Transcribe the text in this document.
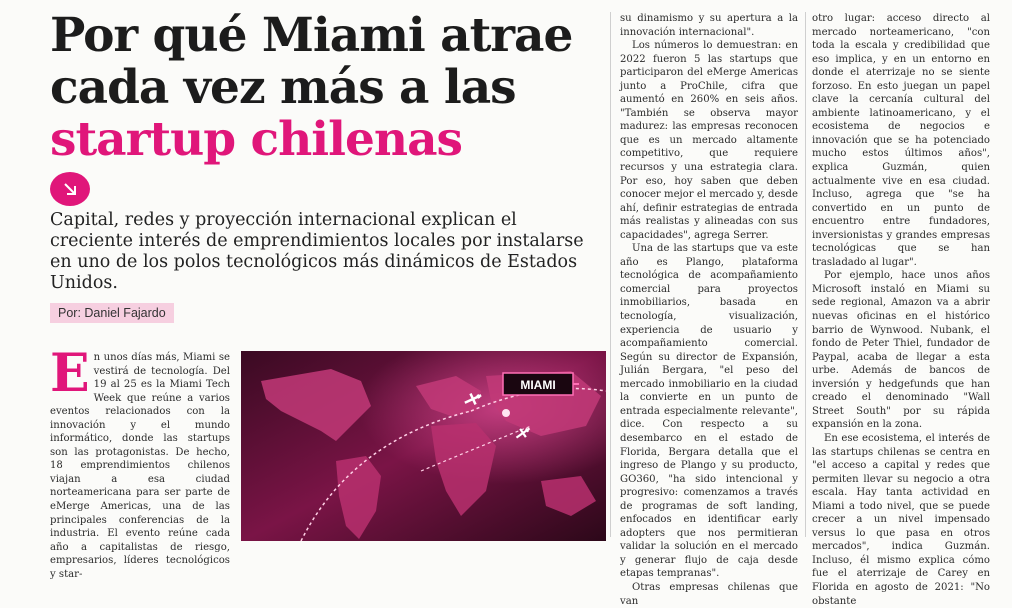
Por qué Miami atrae
cada vez más a las
startup chilenas

Capital, redes y proyección internacional explican el creciente interés de emprendimientos locales por instalarse en uno de los polos tecnológicos más dinámicos de Estados Unidos.

Por: Daniel Fajardo
E n unos días más, Miami se vestirá de tecnología. Del 19 al 25 es la Miami Tech Week que reúne a varios eventos relacionados con la innovación y el mundo informático, donde las startups son las protagonistas. De hecho, 18 emprendimientos chilenos viajan a esa ciudad norteamericana para ser parte de eMerge Americas, una de las principales conferencias de la industria. El evento reúne cada año a capitalistas de riesgo, empresarios, líderes tecnológicos y star-

MIAMI

su dinamismo y su apertura a la innovación internacional".

Los números lo demuestran: en 2022 fueron 5 las startups que participaron del eMerge Americas junto a ProChile, cifra que aumentó en 260% en seis años. "También se observa mayor madurez: las empresas reconocen que es un mercado altamente competitivo, que requiere recursos y una estrategia clara. Por eso, hoy saben que deben conocer mejor el mercado y, desde ahí, definir estrategias de entrada más realistas y alineadas con sus capacidades", agrega Serrer.

Una de las startups que va este año es Plango, plataforma tecnológica de acompañamiento comercial para proyectos inmobiliarios, basada en tecnología, visualización, experiencia de usuario y acompañamiento comercial. Según su director de Expansión, Julián Bergara, "el peso del mercado inmobiliario en la ciudad la convierte en un punto de entrada especialmente relevante", dice. Con respecto a su desembarco en el estado de Florida, Bergara detalla que el ingreso de Plango y su producto, GO360, "ha sido intencional y progresivo: comenzamos a través de programas de soft landing, enfocados en identificar early adopters que nos permitieran validar la solución en el mercado y generar flujo de caja desde etapas tempranas".

Otras empresas chilenas que van

otro lugar: acceso directo al mercado norteamericano, "con toda la escala y credibilidad que eso implica, y en un entorno en donde el aterrizaje no se siente forzoso. En esto juegan un papel clave la cercanía cultural del ambiente latinoamericano, y el ecosistema de negocios e innovación que se ha potenciado mucho estos últimos años", explica Guzmán, quien actualmente vive en esa ciudad. Incluso, agrega que "se ha convertido en un punto de encuentro entre fundadores, inversionistas y grandes empresas tecnológicas que se han trasladado al lugar".

Por ejemplo, hace unos años Microsoft instaló en Miami su sede regional, Amazon va a abrir nuevas oficinas en el histórico barrio de Wynwood. Nubank, el fondo de Peter Thiel, fundador de Paypal, acaba de llegar a esta urbe. Además de bancos de inversión y hedgefunds que han creado el denominado "Wall Street South" por su rápida expansión en la zona.

En ese ecosistema, el interés de las startups chilenas se centra en "el acceso a capital y redes que permiten llevar su negocio a otra escala. Hay tanta actividad en Miami a todo nivel, que se puede crecer a un nivel impensado versus lo que pasa en otros mercados", indica Guzmán. Incluso, él mismo explica cómo fue el aterrizaje de Carey en Florida en agosto de 2021: "No obstante
